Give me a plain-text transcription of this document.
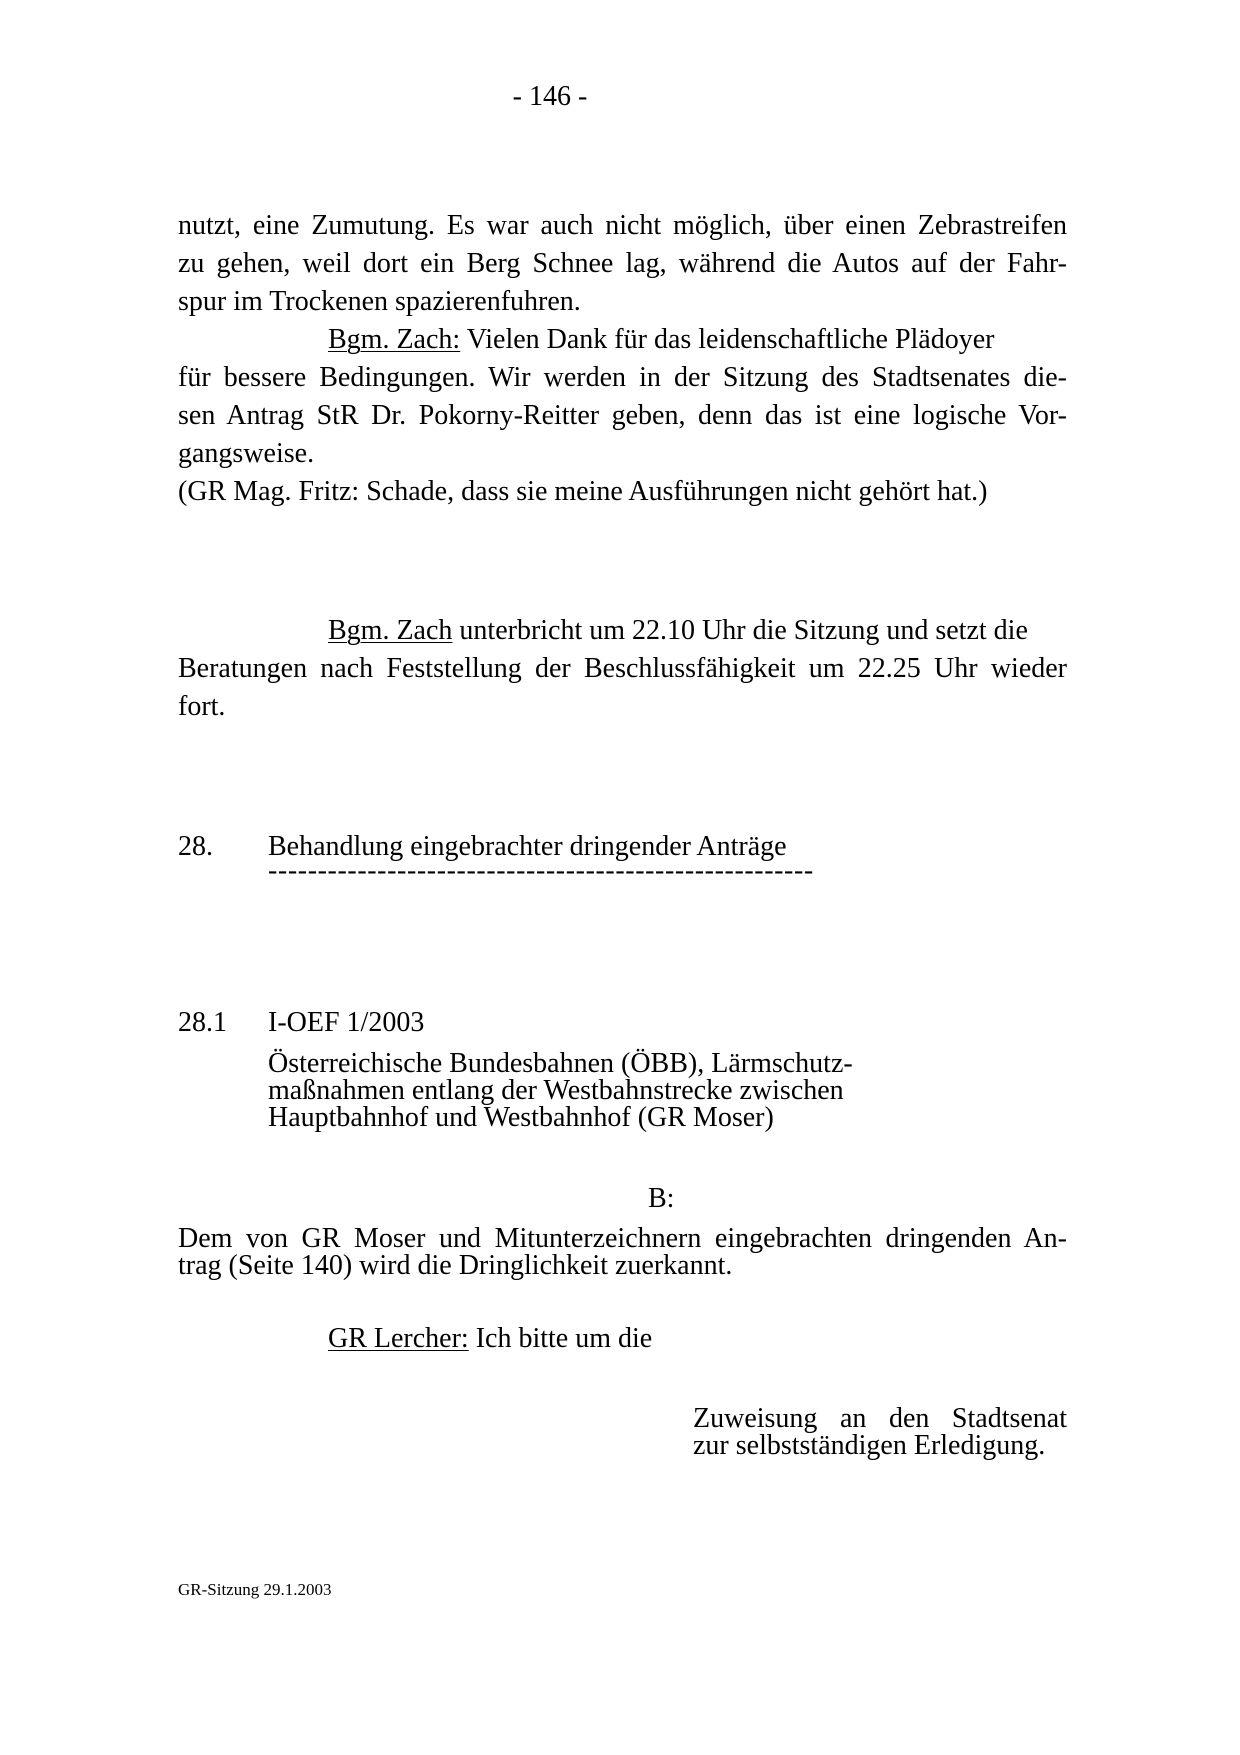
- 146 -
nutzt, eine Zumutung. Es war auch nicht möglich, über einen Zebrastreifen
zu gehen, weil dort ein Berg Schnee lag, während die Autos auf der Fahr-
spur im Trockenen spazierenfuhren.
Bgm. Zach: Vielen Dank für das leidenschaftliche Plädoyer
für bessere Bedingungen. Wir werden in der Sitzung des Stadtsenates die-
sen Antrag StR Dr. Pokorny-Reitter geben, denn das ist eine logische Vor-
gangsweise.
(GR Mag. Fritz: Schade, dass sie meine Ausführungen nicht gehört hat.)
Bgm. Zach unterbricht um 22.10 Uhr die Sitzung und setzt die
Beratungen nach Feststellung der Beschlussfähigkeit um 22.25 Uhr wieder
fort.
28. Behandlung eingebrachter dringender Anträge
-------------------------------------------------------
28.1 I-OEF 1/2003
Österreichische Bundesbahnen (ÖBB), Lärmschutz-
maßnahmen entlang der Westbahnstrecke zwischen
Hauptbahnhof und Westbahnhof (GR Moser)
B:
Dem von GR Moser und Mitunterzeichnern eingebrachten dringenden An-
trag (Seite 140) wird die Dringlichkeit zuerkannt.
GR Lercher: Ich bitte um die
Zuweisung an den Stadtsenat
zur selbstständigen Erledigung.
GR-Sitzung 29.1.2003
